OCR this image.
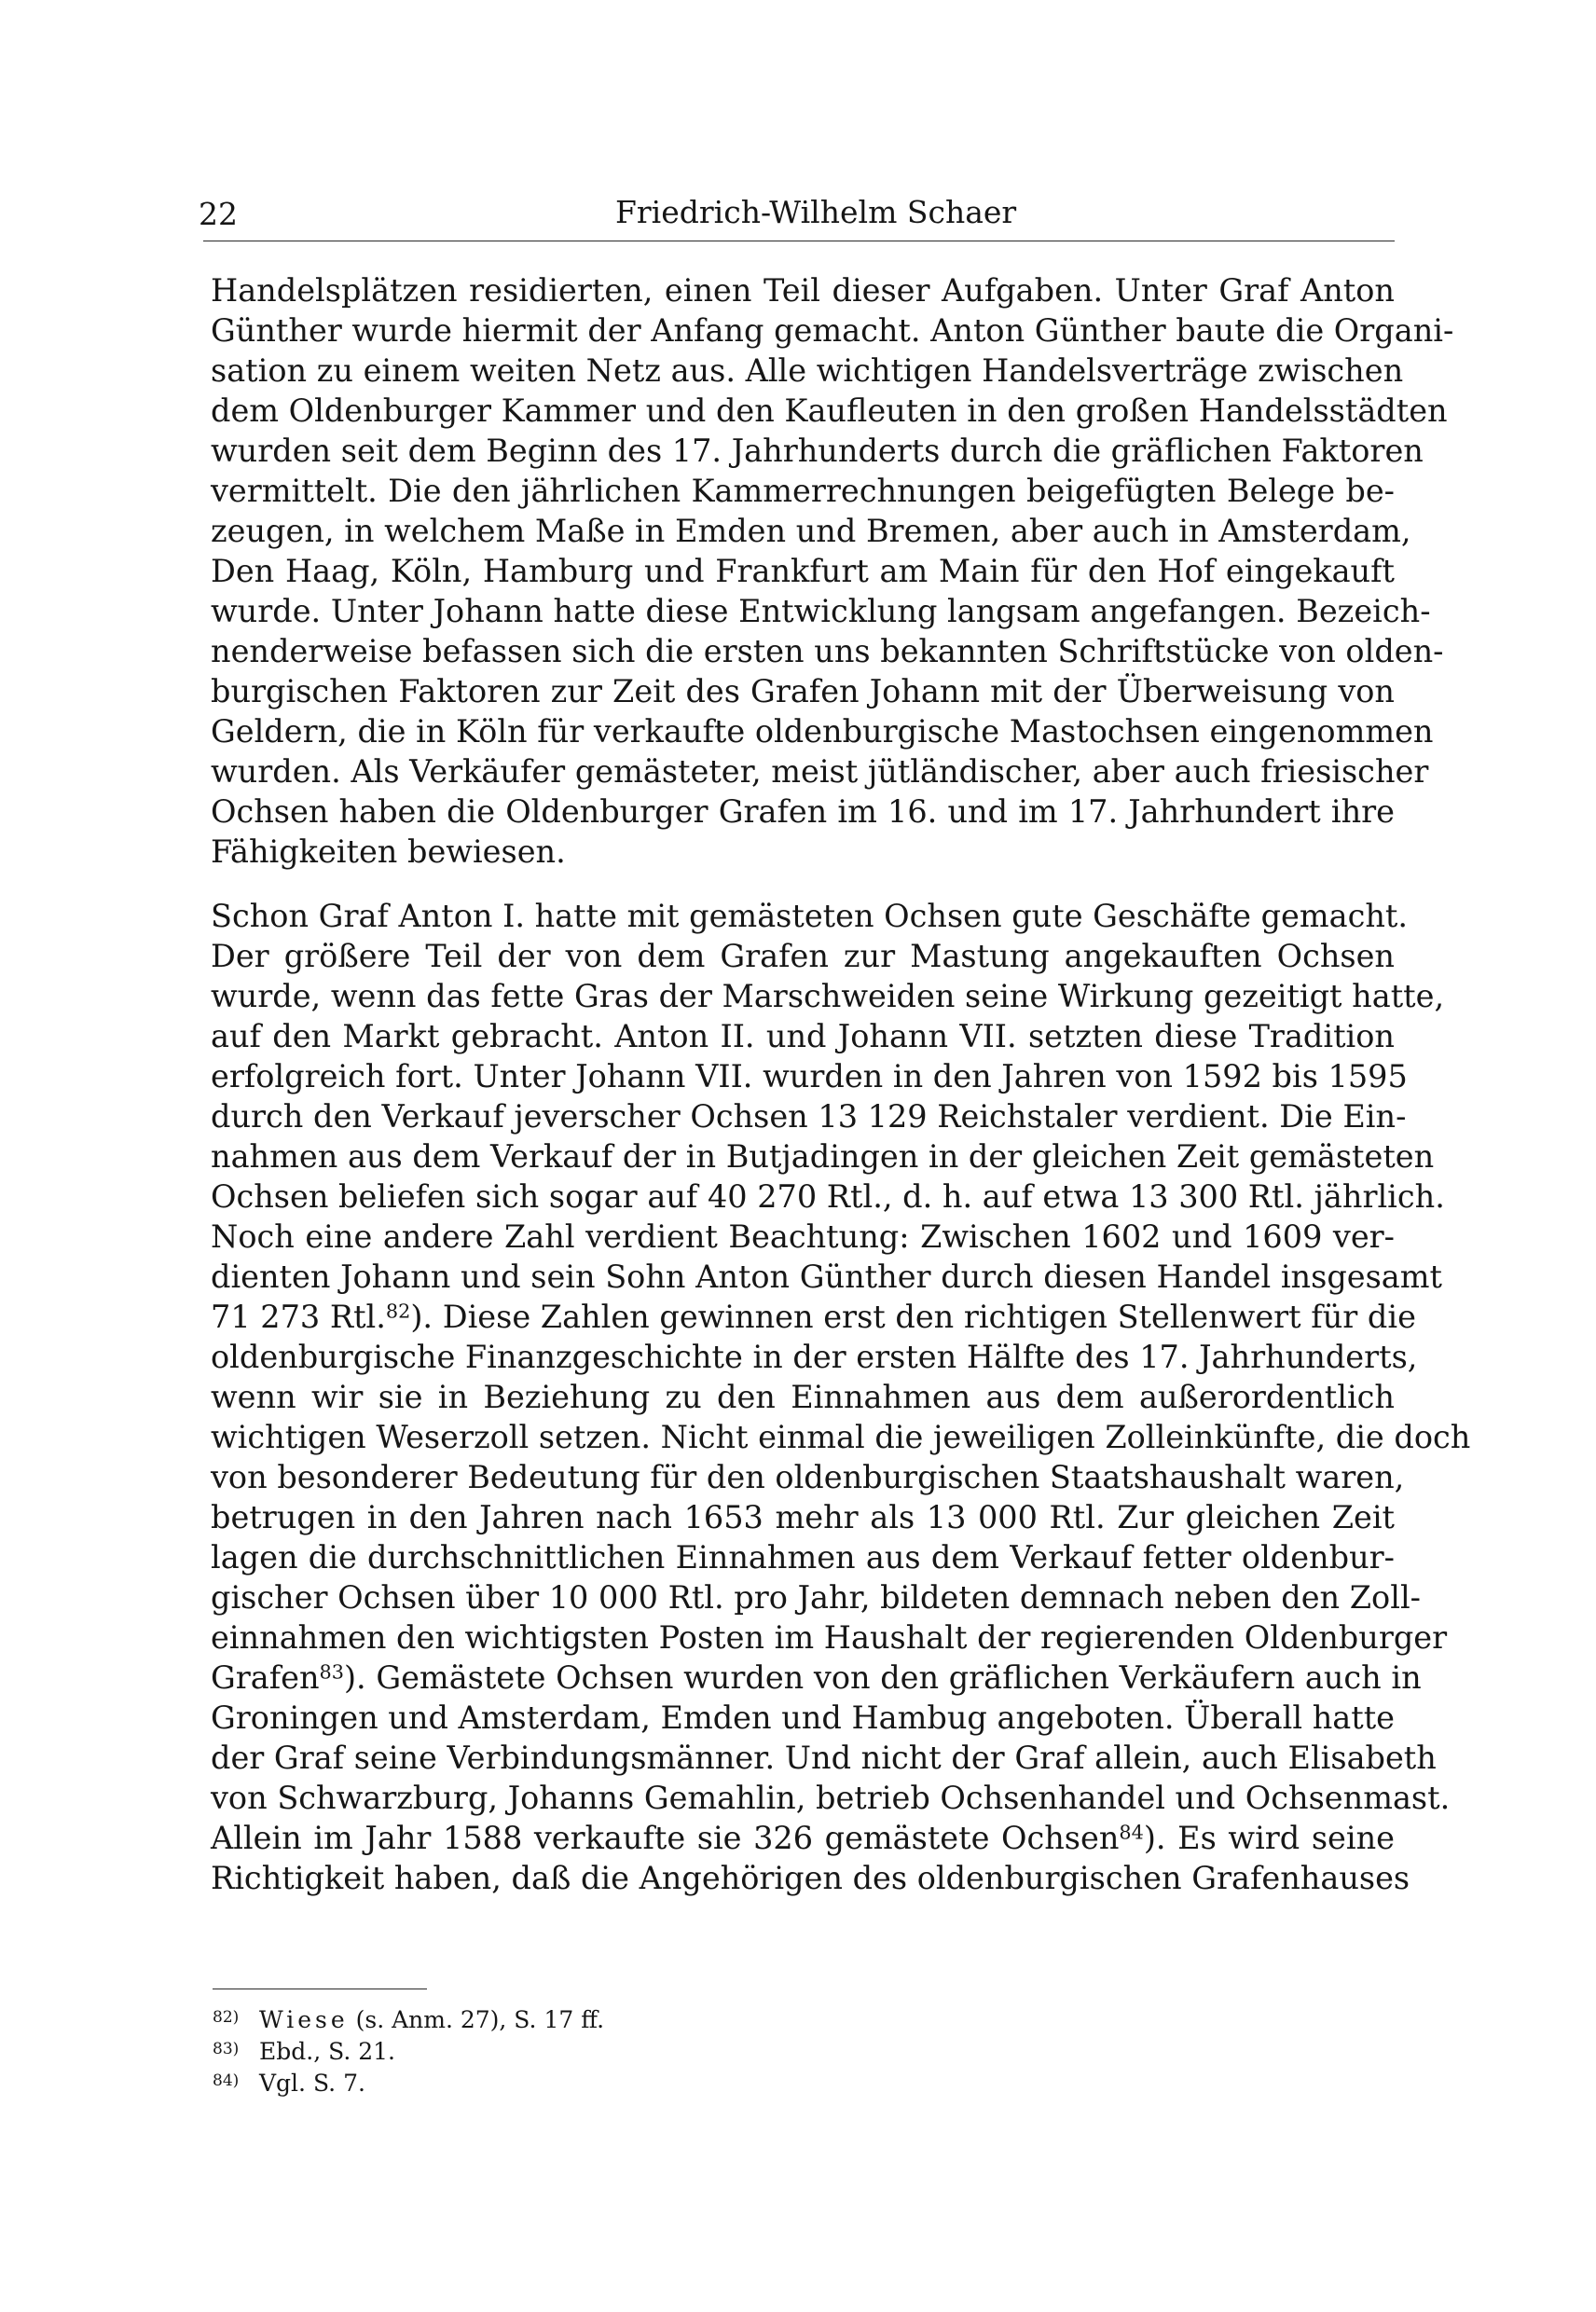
22	Friedrich-Wilhelm Schaer
Handelsplätzen residierten, einen Teil dieser Aufgaben. Unter Graf Anton
Günther wurde hiermit der Anfang gemacht. Anton Günther baute die Organi-
sation zu einem weiten Netz aus. Alle wichtigen Handelsverträge zwischen
dem Oldenburger Kammer und den Kaufleuten in den großen Handelsstädten
wurden seit dem Beginn des 17. Jahrhunderts durch die gräflichen Faktoren
vermittelt. Die den jährlichen Kammerrechnungen beigefügten Belege be-
zeugen, in welchem Maße in Emden und Bremen, aber auch in Amsterdam,
Den Haag, Köln, Hamburg und Frankfurt am Main für den Hof eingekauft
wurde. Unter Johann hatte diese Entwicklung langsam angefangen. Bezeich-
nenderweise befassen sich die ersten uns bekannten Schriftstücke von olden-
burgischen Faktoren zur Zeit des Grafen Johann mit der Überweisung von
Geldern, die in Köln für verkaufte oldenburgische Mastochsen eingenommen
wurden. Als Verkäufer gemästeter, meist jütländischer, aber auch friesischer
Ochsen haben die Oldenburger Grafen im 16. und im 17. Jahrhundert ihre
Fähigkeiten bewiesen.
Schon Graf Anton I. hatte mit gemästeten Ochsen gute Geschäfte gemacht.
Der größere Teil der von dem Grafen zur Mastung angekauften Ochsen
wurde, wenn das fette Gras der Marschweiden seine Wirkung gezeitigt hatte,
auf den Markt gebracht. Anton II. und Johann VII. setzten diese Tradition
erfolgreich fort. Unter Johann VII. wurden in den Jahren von 1592 bis 1595
durch den Verkauf jeverscher Ochsen 13 129 Reichstaler verdient. Die Ein-
nahmen aus dem Verkauf der in Butjadingen in der gleichen Zeit gemästeten
Ochsen beliefen sich sogar auf 40 270 Rtl., d. h. auf etwa 13 300 Rtl. jährlich.
Noch eine andere Zahl verdient Beachtung: Zwischen 1602 und 1609 ver-
dienten Johann und sein Sohn Anton Günther durch diesen Handel insgesamt
71 273 Rtl.$^{82}$). Diese Zahlen gewinnen erst den richtigen Stellenwert für die
oldenburgische Finanzgeschichte in der ersten Hälfte des 17. Jahrhunderts,
wenn wir sie in Beziehung zu den Einnahmen aus dem außerordentlich
wichtigen Weserzoll setzen. Nicht einmal die jeweiligen Zolleinkünfte, die doch
von besonderer Bedeutung für den oldenburgischen Staatshaushalt waren,
betrugen in den Jahren nach 1653 mehr als 13 000 Rtl. Zur gleichen Zeit
lagen die durchschnittlichen Einnahmen aus dem Verkauf fetter oldenbur-
gischer Ochsen über 10 000 Rtl. pro Jahr, bildeten demnach neben den Zoll-
einnahmen den wichtigsten Posten im Haushalt der regierenden Oldenburger
Grafen$^{83}$). Gemästete Ochsen wurden von den gräflichen Verkäufern auch in
Groningen und Amsterdam, Emden und Hambug angeboten. Überall hatte
der Graf seine Verbindungsmänner. Und nicht der Graf allein, auch Elisabeth
von Schwarzburg, Johanns Gemahlin, betrieb Ochsenhandel und Ochsenmast.
Allein im Jahr 1588 verkaufte sie 326 gemästete Ochsen$^{84}$). Es wird seine
Richtigkeit haben, daß die Angehörigen des oldenburgischen Grafenhauses
82) Wiese (s. Anm. 27), S. 17 ff.
83) Ebd., S. 21.
84) Vgl. S. 7.
